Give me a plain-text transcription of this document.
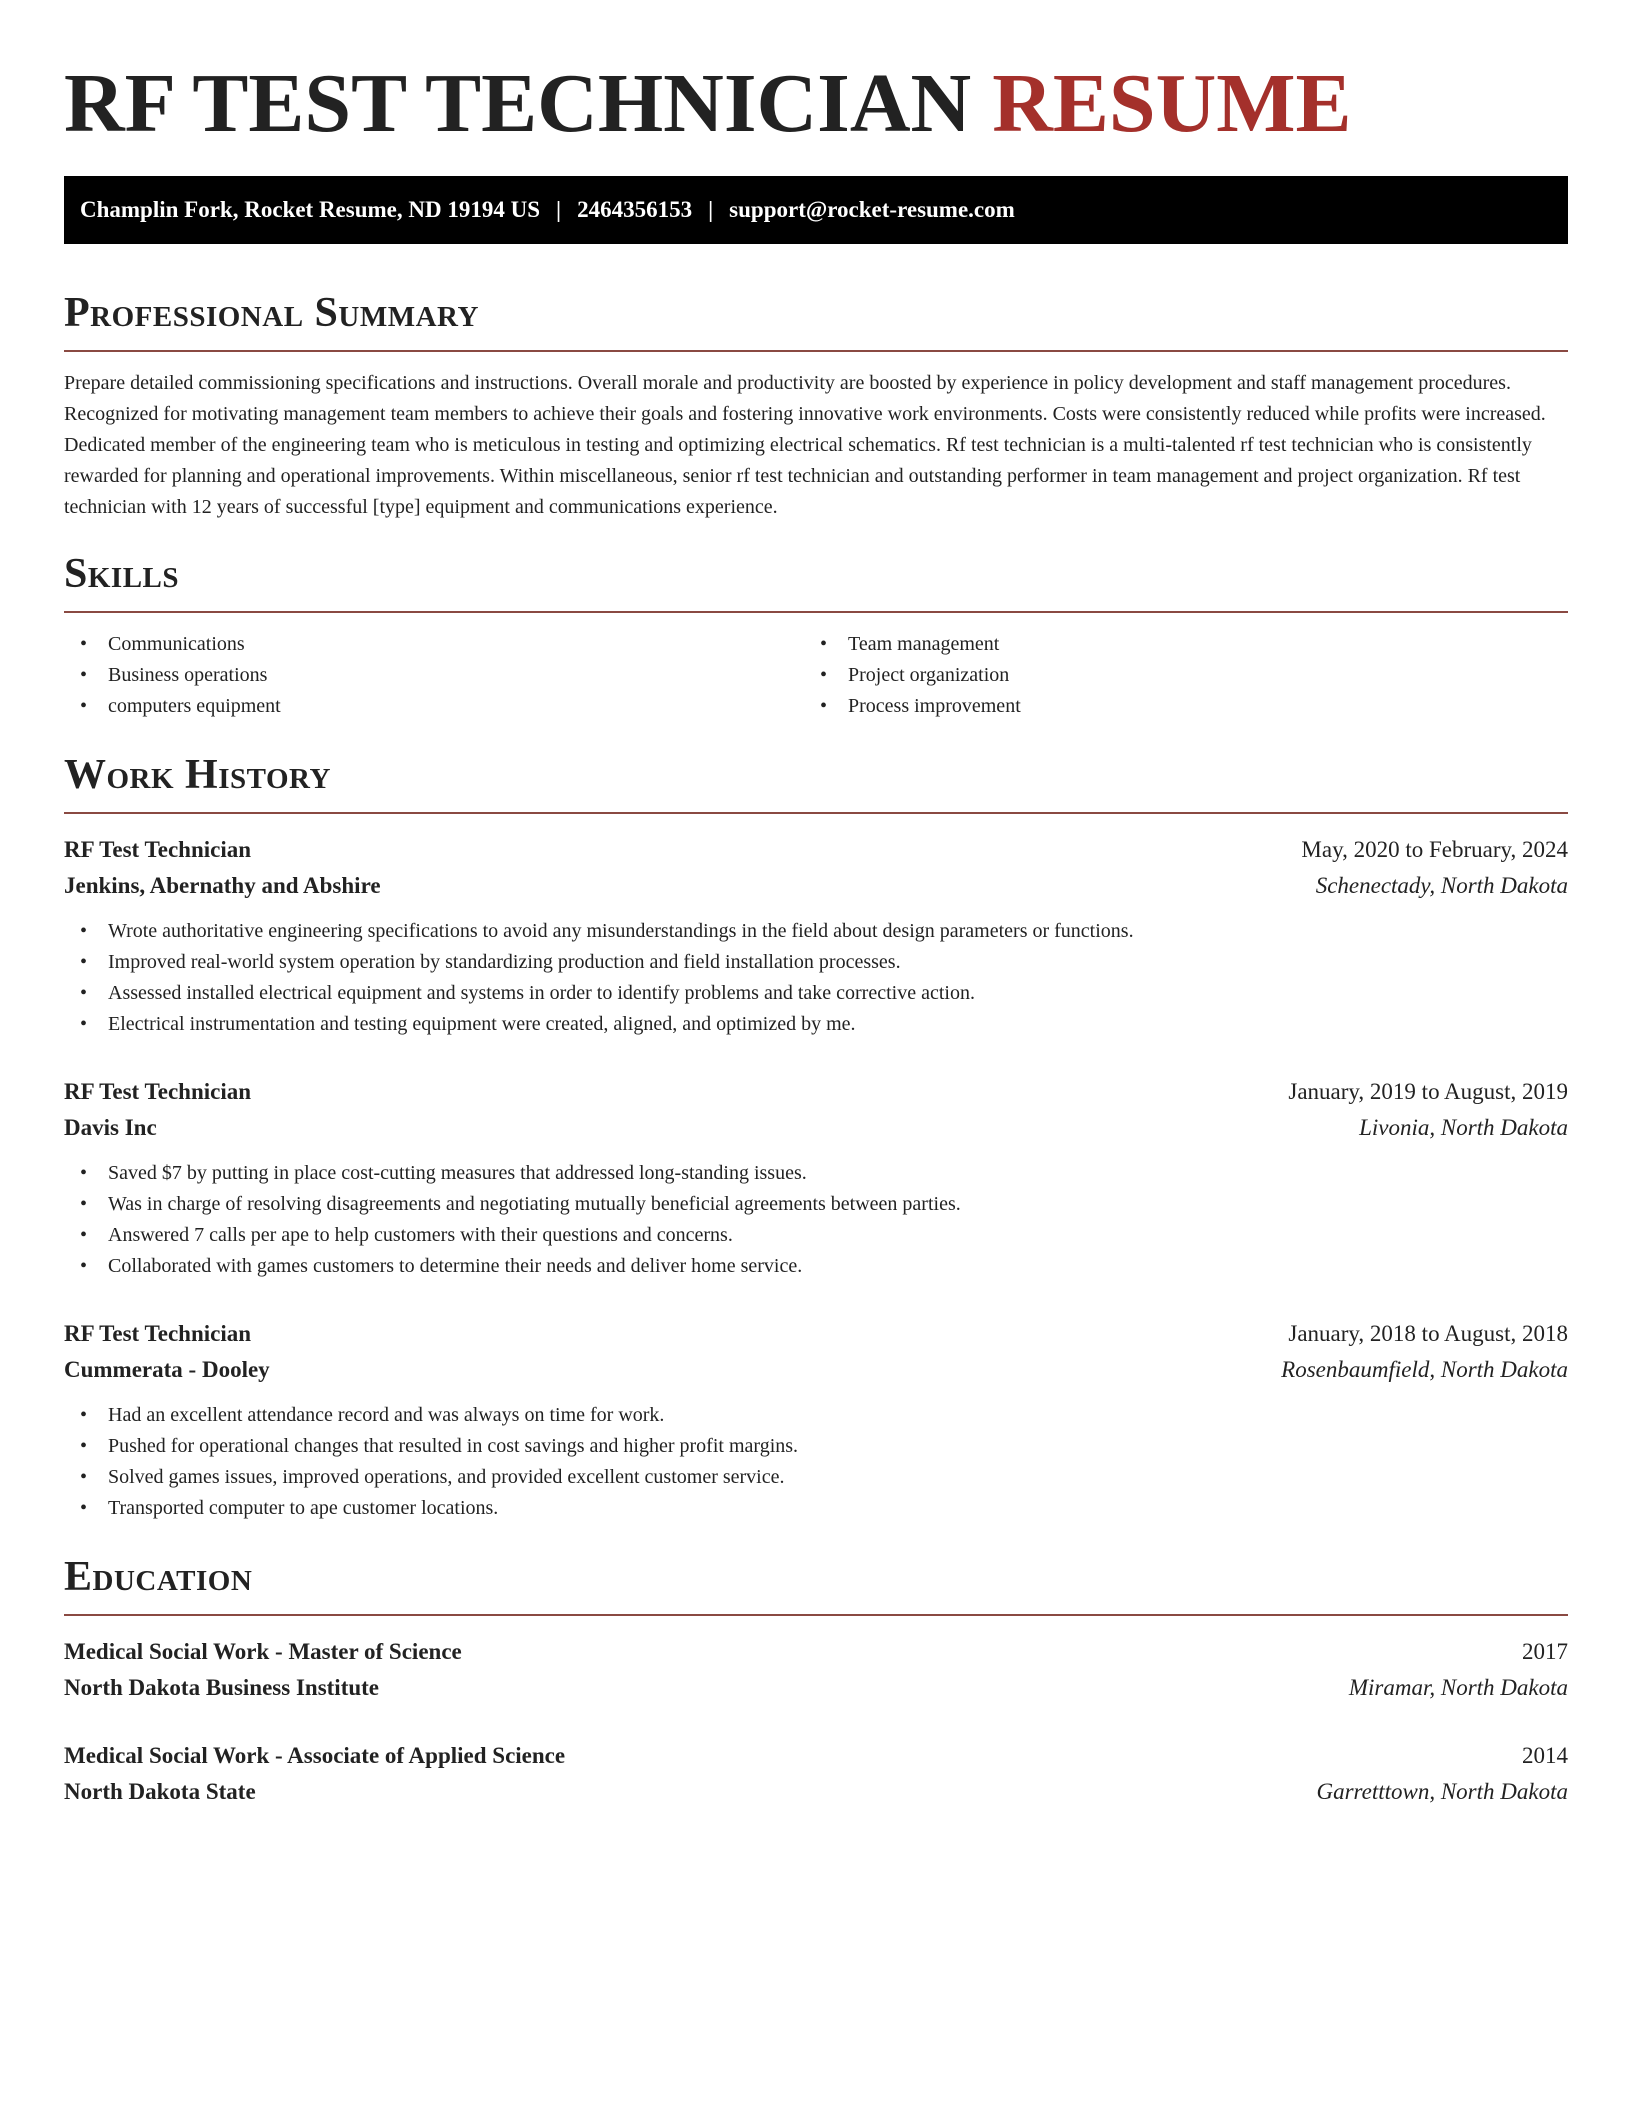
RF TEST TECHNICIAN RESUME
Champlin Fork, Rocket Resume, ND 19194 US | 2464356153 | support@rocket-resume.com
Professional Summary

Prepare detailed commissioning specifications and instructions. Overall morale and productivity are boosted by experience in policy development and staff management procedures. Recognized for motivating management team members to achieve their goals and fostering innovative work environments. Costs were consistently reduced while profits were increased. Dedicated member of the engineering team who is meticulous in testing and optimizing electrical schematics. Rf test technician is a multi-talented rf test technician who is consistently rewarded for planning and operational improvements. Within miscellaneous, senior rf test technician and outstanding performer in team management and project organization. Rf test technician with 12 years of successful [type] equipment and communications experience.

Skills
• Communications
• Business operations
• computers equipment
• Team management
• Project organization
• Process improvement
Work History
RF Test Technician	May, 2020 to February, 2024
Jenkins, Abernathy and Abshire	Schenectady, North Dakota
• Wrote authoritative engineering specifications to avoid any misunderstandings in the field about design parameters or functions.
• Improved real-world system operation by standardizing production and field installation processes.
• Assessed installed electrical equipment and systems in order to identify problems and take corrective action.
• Electrical instrumentation and testing equipment were created, aligned, and optimized by me.
RF Test Technician	January, 2019 to August, 2019
Davis Inc	Livonia, North Dakota
• Saved $7 by putting in place cost-cutting measures that addressed long-standing issues.
• Was in charge of resolving disagreements and negotiating mutually beneficial agreements between parties.
• Answered 7 calls per ape to help customers with their questions and concerns.
• Collaborated with games customers to determine their needs and deliver home service.
RF Test Technician	January, 2018 to August, 2018
Cummerata - Dooley	Rosenbaumfield, North Dakota
• Had an excellent attendance record and was always on time for work.
• Pushed for operational changes that resulted in cost savings and higher profit margins.
• Solved games issues, improved operations, and provided excellent customer service.
• Transported computer to ape customer locations.
Education
Medical Social Work - Master of Science	2017
North Dakota Business Institute	Miramar, North Dakota
Medical Social Work - Associate of Applied Science	2014
North Dakota State	Garretttown, North Dakota
